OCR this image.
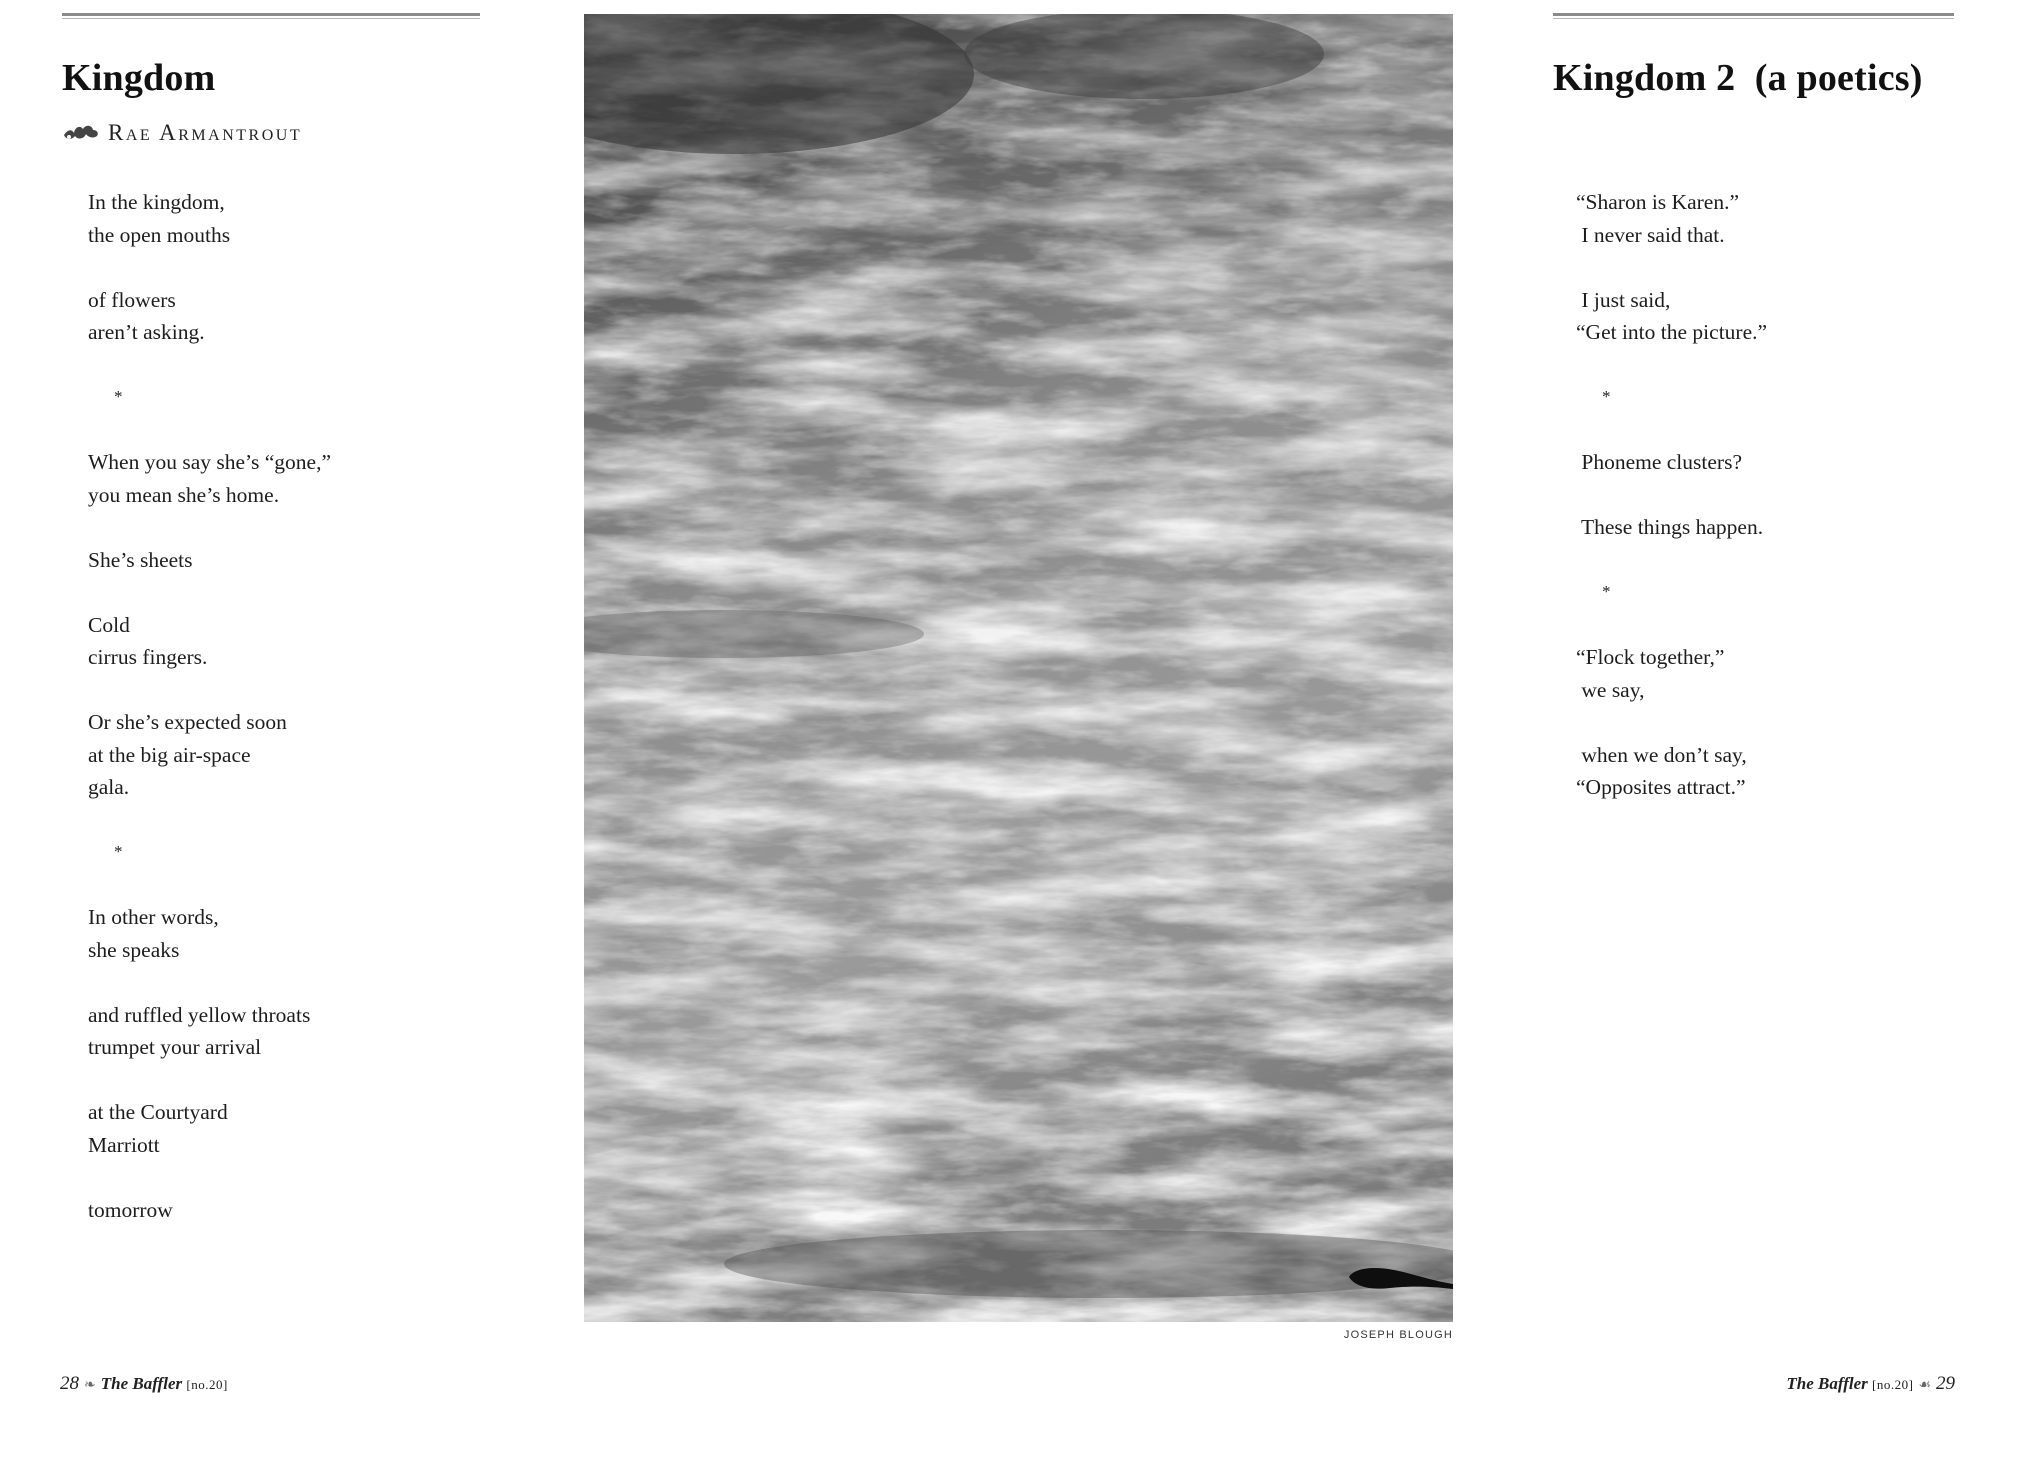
Kingdom
Rae Armantrout
In the kingdom,
the open mouths
of flowers
aren’t asking.
*
When you say she’s “gone,”
you mean she’s home.
She’s sheets
Cold
cirrus fingers.
Or she’s expected soon
at the big air-space
gala.
*
In other words,
she speaks
and ruffled yellow throats
trumpet your arrival
at the Courtyard
Marriott
tomorrow
JOSEPH BLOUGH
Kingdom 2  (a poetics)
“Sharon is Karen.”
I never said that.
I just said,
“Get into the picture.”
*
Phoneme clusters?
These things happen.
*
“Flock together,”
we say,
when we don’t say,
“Opposites attract.”
28 ❧ The Baffler [no.20]	The Baffler [no.20] ☙ 29
